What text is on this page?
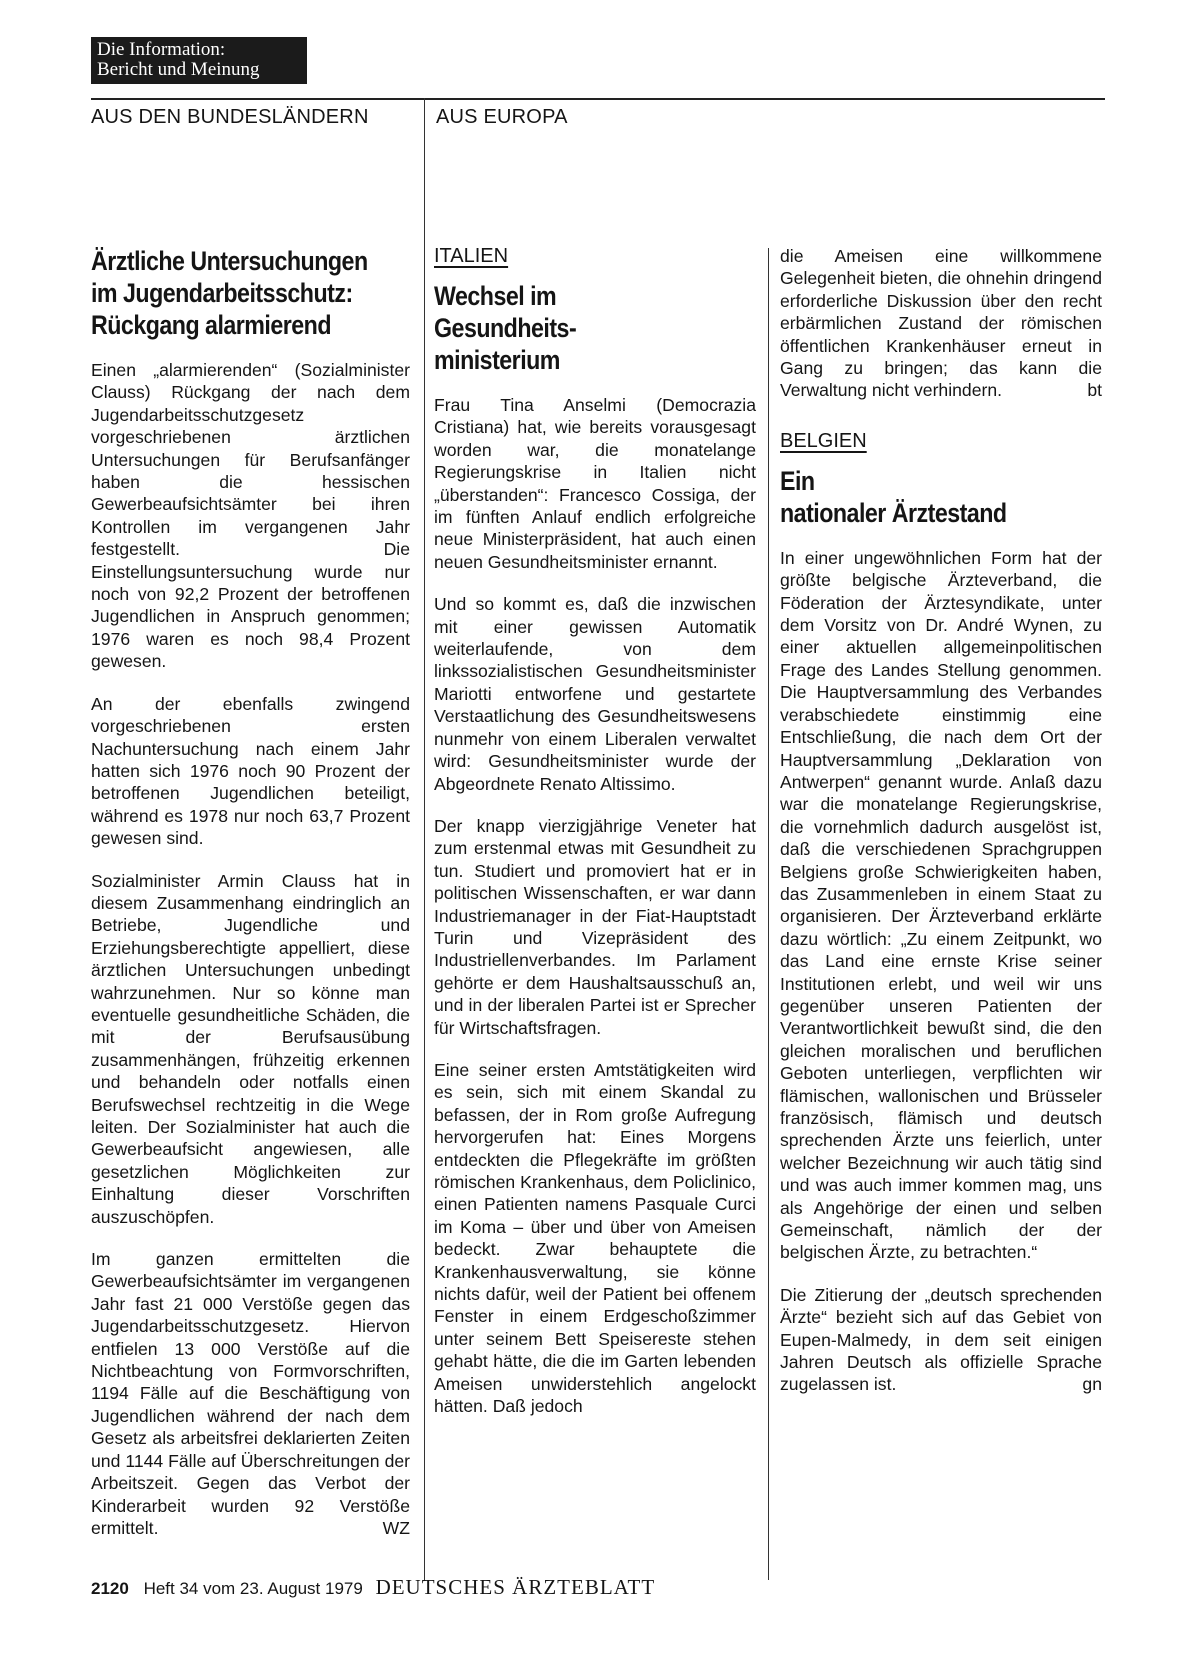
Die Information:
Bericht und Meinung
AUS DEN BUNDESLÄNDERN	AUS EUROPA
Ärztliche Untersuchungen
im Jugendarbeitsschutz:
Rückgang alarmierend

Einen „alarmierenden“ (Sozialminister Clauss) Rückgang der nach dem Jugendarbeitsschutzgesetz vorgeschriebenen ärztlichen Untersuchungen für Berufsanfänger haben die hessischen Gewerbeaufsichtsämter bei ihren Kontrollen im vergangenen Jahr festgestellt. Die Einstellungsuntersuchung wurde nur noch von 92,2 Prozent der betroffenen Jugendlichen in Anspruch genommen; 1976 waren es noch 98,4 Prozent gewesen.

An der ebenfalls zwingend vorgeschriebenen ersten Nachuntersuchung nach einem Jahr hatten sich 1976 noch 90 Prozent der betroffenen Jugendlichen beteiligt, während es 1978 nur noch 63,7 Prozent gewesen sind.

Sozialminister Armin Clauss hat in diesem Zusammenhang eindringlich an Betriebe, Jugendliche und Erziehungsberechtigte appelliert, diese ärztlichen Untersuchungen unbedingt wahrzunehmen. Nur so könne man eventuelle gesundheitliche Schäden, die mit der Berufsausübung zusammenhängen, frühzeitig erkennen und behandeln oder notfalls einen Berufswechsel rechtzeitig in die Wege leiten. Der Sozialminister hat auch die Gewerbeaufsicht angewiesen, alle gesetzlichen Möglichkeiten zur Einhaltung dieser Vorschriften auszuschöpfen.

Im ganzen ermittelten die Gewerbeaufsichtsämter im vergangenen Jahr fast 21 000 Verstöße gegen das Jugendarbeitsschutzgesetz. Hiervon entfielen 13 000 Verstöße auf die Nichtbeachtung von Formvorschriften, 1194 Fälle auf die Beschäftigung von Jugendlichen während der nach dem Gesetz als arbeitsfrei deklarierten Zeiten und 1144 Fälle auf Überschreitungen der Arbeitszeit. Gegen das Verbot der Kinderarbeit wurden 92 Verstöße ermittelt.	WZ

ITALIEN
Wechsel im
Gesundheits-
ministerium

Frau Tina Anselmi (Democrazia Cristiana) hat, wie bereits vorausgesagt worden war, die monatelange Regierungskrise in Italien nicht „überstanden“: Francesco Cossiga, der im fünften Anlauf endlich erfolgreiche neue Ministerpräsident, hat auch einen neuen Gesundheitsminister ernannt.

Und so kommt es, daß die inzwischen mit einer gewissen Automatik weiterlaufende, von dem linkssozialistischen Gesundheitsminister Mariotti entworfene und gestartete Verstaatlichung des Gesundheitswesens nunmehr von einem Liberalen verwaltet wird: Gesundheitsminister wurde der Abgeordnete Renato Altissimo.

Der knapp vierzigjährige Veneter hat zum erstenmal etwas mit Gesundheit zu tun. Studiert und promoviert hat er in politischen Wissenschaften, er war dann Industriemanager in der Fiat-Hauptstadt Turin und Vizepräsident des Industriellenverbandes. Im Parlament gehörte er dem Haushaltsausschuß an, und in der liberalen Partei ist er Sprecher für Wirtschaftsfragen.

Eine seiner ersten Amtstätigkeiten wird es sein, sich mit einem Skandal zu befassen, der in Rom große Aufregung hervorgerufen hat: Eines Morgens entdeckten die Pflegekräfte im größten römischen Krankenhaus, dem Policlinico, einen Patienten namens Pasquale Curci im Koma – über und über von Ameisen bedeckt. Zwar behauptete die Krankenhausverwaltung, sie könne nichts dafür, weil der Patient bei offenem Fenster in einem Erdgeschoßzimmer unter seinem Bett Speisereste stehen gehabt hätte, die die im Garten lebenden Ameisen unwiderstehlich angelockt hätten. Daß jedoch

die Ameisen eine willkommene Gelegenheit bieten, die ohnehin dringend erforderliche Diskussion über den recht erbärmlichen Zustand der römischen öffentlichen Krankenhäuser erneut in Gang zu bringen; das kann die Verwaltung nicht verhindern.	bt

BELGIEN
Ein
nationaler Ärztestand

In einer ungewöhnlichen Form hat der größte belgische Ärzteverband, die Föderation der Ärztesyndikate, unter dem Vorsitz von Dr. André Wynen, zu einer aktuellen allgemeinpolitischen Frage des Landes Stellung genommen. Die Hauptversammlung des Verbandes verabschiedete einstimmig eine Entschließung, die nach dem Ort der Hauptversammlung „Deklaration von Antwerpen“ genannt wurde. Anlaß dazu war die monatelange Regierungskrise, die vornehmlich dadurch ausgelöst ist, daß die verschiedenen Sprachgruppen Belgiens große Schwierigkeiten haben, das Zusammenleben in einem Staat zu organisieren. Der Ärzteverband erklärte dazu wörtlich: „Zu einem Zeitpunkt, wo das Land eine ernste Krise seiner Institutionen erlebt, und weil wir uns gegenüber unseren Patienten der Verantwortlichkeit bewußt sind, die den gleichen moralischen und beruflichen Geboten unterliegen, verpflichten wir flämischen, wallonischen und Brüsseler französisch, flämisch und deutsch sprechenden Ärzte uns feierlich, unter welcher Bezeichnung wir auch tätig sind und was auch immer kommen mag, uns als Angehörige der einen und selben Gemeinschaft, nämlich der der belgischen Ärzte, zu betrachten.“

Die Zitierung der „deutsch sprechenden Ärzte“ bezieht sich auf das Gebiet von Eupen-Malmedy, in dem seit einigen Jahren Deutsch als offizielle Sprache zugelassen ist.	gn

2120 Heft 34 vom 23. August 1979 DEUTSCHES ÄRZTEBLATT
